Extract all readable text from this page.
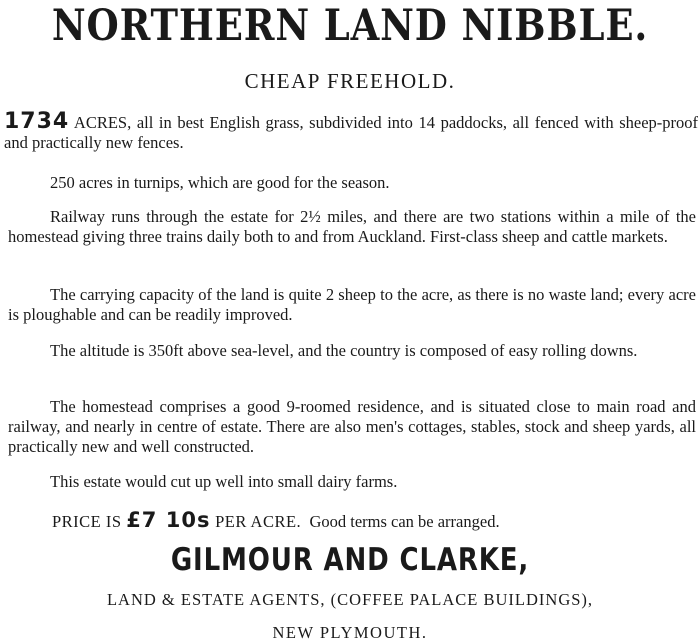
NORTHERN LAND NIBBLE.
CHEAP FREEHOLD.
1734 ACRES, all in best English grass, subdivided into 14 paddocks, all fenced with sheep-proof and practically new fences.
250 acres in turnips, which are good for the season.
Railway runs through the estate for 2½ miles, and there are two stations within a mile of the homestead giving three trains daily both to and from Auckland. First-class sheep and cattle markets.
The carrying capacity of the land is quite 2 sheep to the acre, as there is no waste land; every acre is ploughable and can be readily improved.
The altitude is 350ft above sea-level, and the country is composed of easy rolling downs.
The homestead comprises a good 9-roomed residence, and is situated close to main road and railway, and nearly in centre of estate. There are also men's cottages, stables, stock and sheep yards, all practically new and well constructed.
This estate would cut up well into small dairy farms.
PRICE IS £7 10s PER ACRE.  Good terms can be arranged.
GILMOUR AND CLARKE,
LAND & ESTATE AGENTS, (COFFEE PALACE BUILDINGS),
NEW PLYMOUTH.
